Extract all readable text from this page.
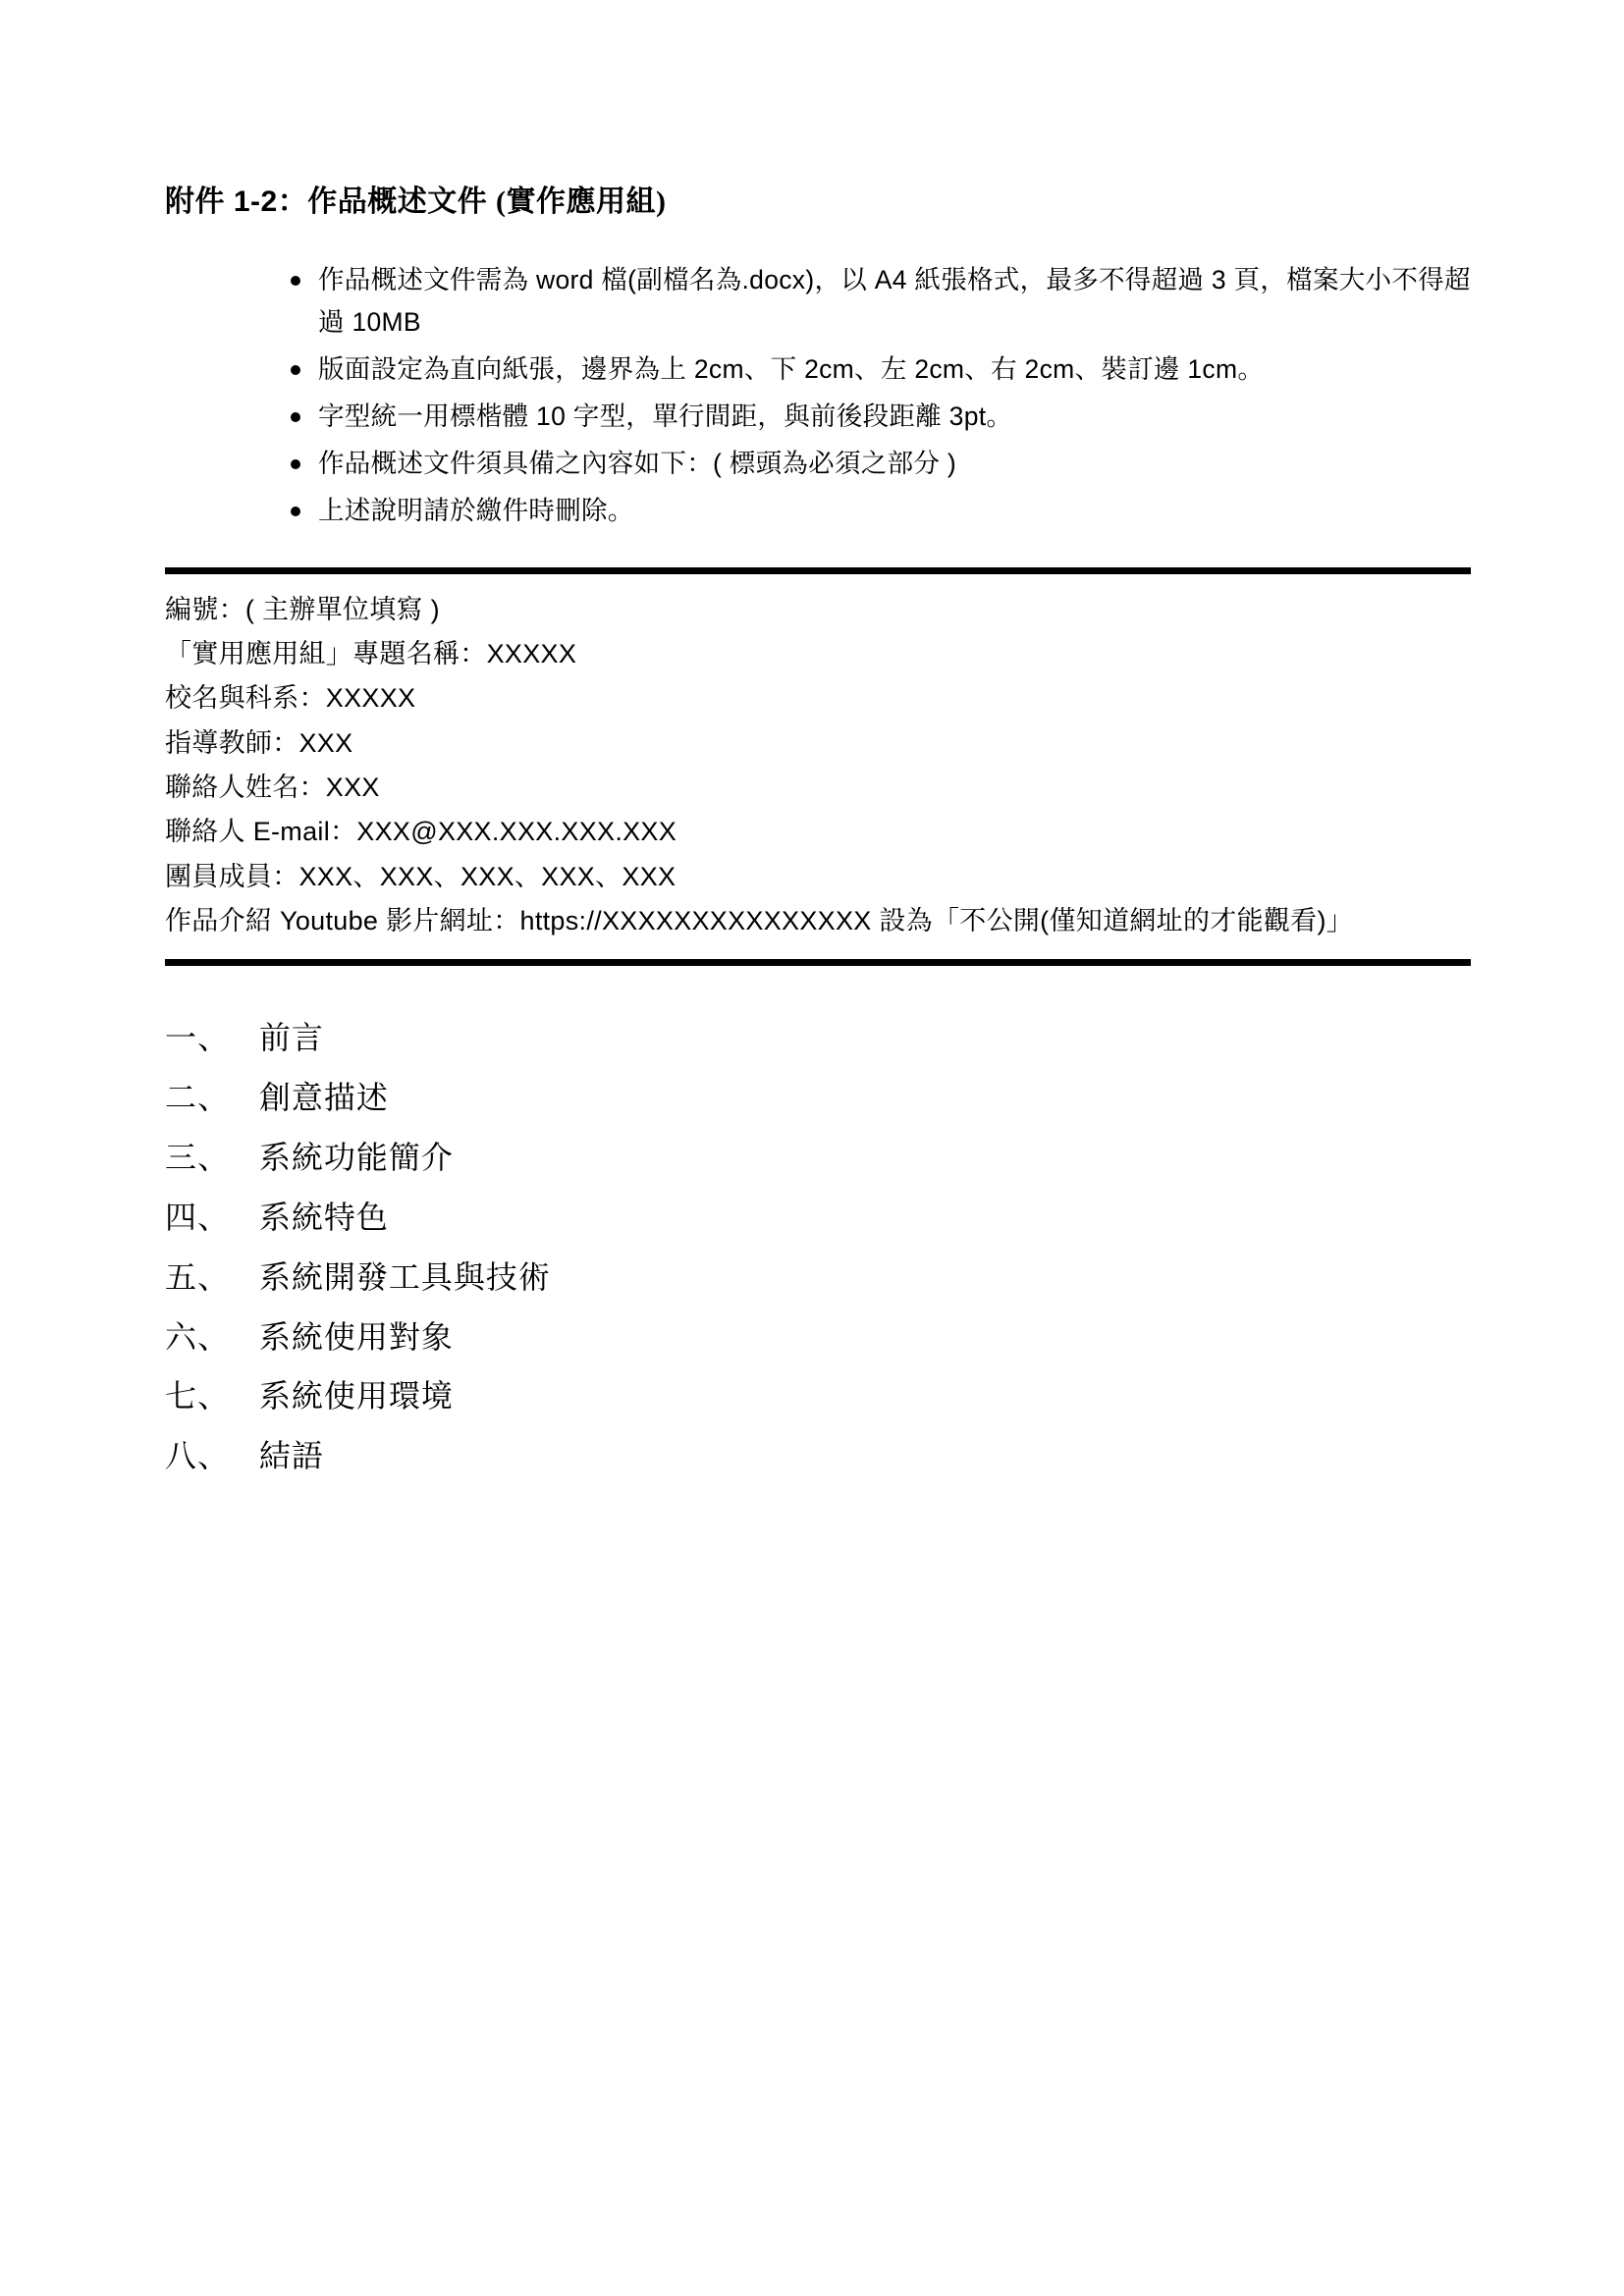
附件 1-2：作品概述文件 (實作應用組)
作品概述文件需為 word 檔(副檔名為.docx)，以 A4 紙張格式，最多不得超過 3 頁，檔案大小不得超過 10MB
版面設定為直向紙張，邊界為上 2cm、下 2cm、左 2cm、右 2cm、裝訂邊 1cm。
字型統一用標楷體 10 字型，單行間距，與前後段距離 3pt。
作品概述文件須具備之內容如下：( 標頭為必須之部分 )
上述說明請於繳件時刪除。
編號：( 主辦單位填寫 )
「實用應用組」專題名稱：XXXXX
校名與科系：XXXXX
指導教師：XXX
聯絡人姓名：XXX
聯絡人 E-mail：XXX@XXX.XXX.XXX.XXX
團員成員：XXX、XXX、XXX、XXX、XXX
作品介紹 Youtube 影片網址：https://XXXXXXXXXXXXXXX 設為「不公開(僅知道網址的才能觀看)」
一、 前言
二、 創意描述
三、 系統功能簡介
四、 系統特色
五、 系統開發工具與技術
六、 系統使用對象
七、 系統使用環境
八、 結語
